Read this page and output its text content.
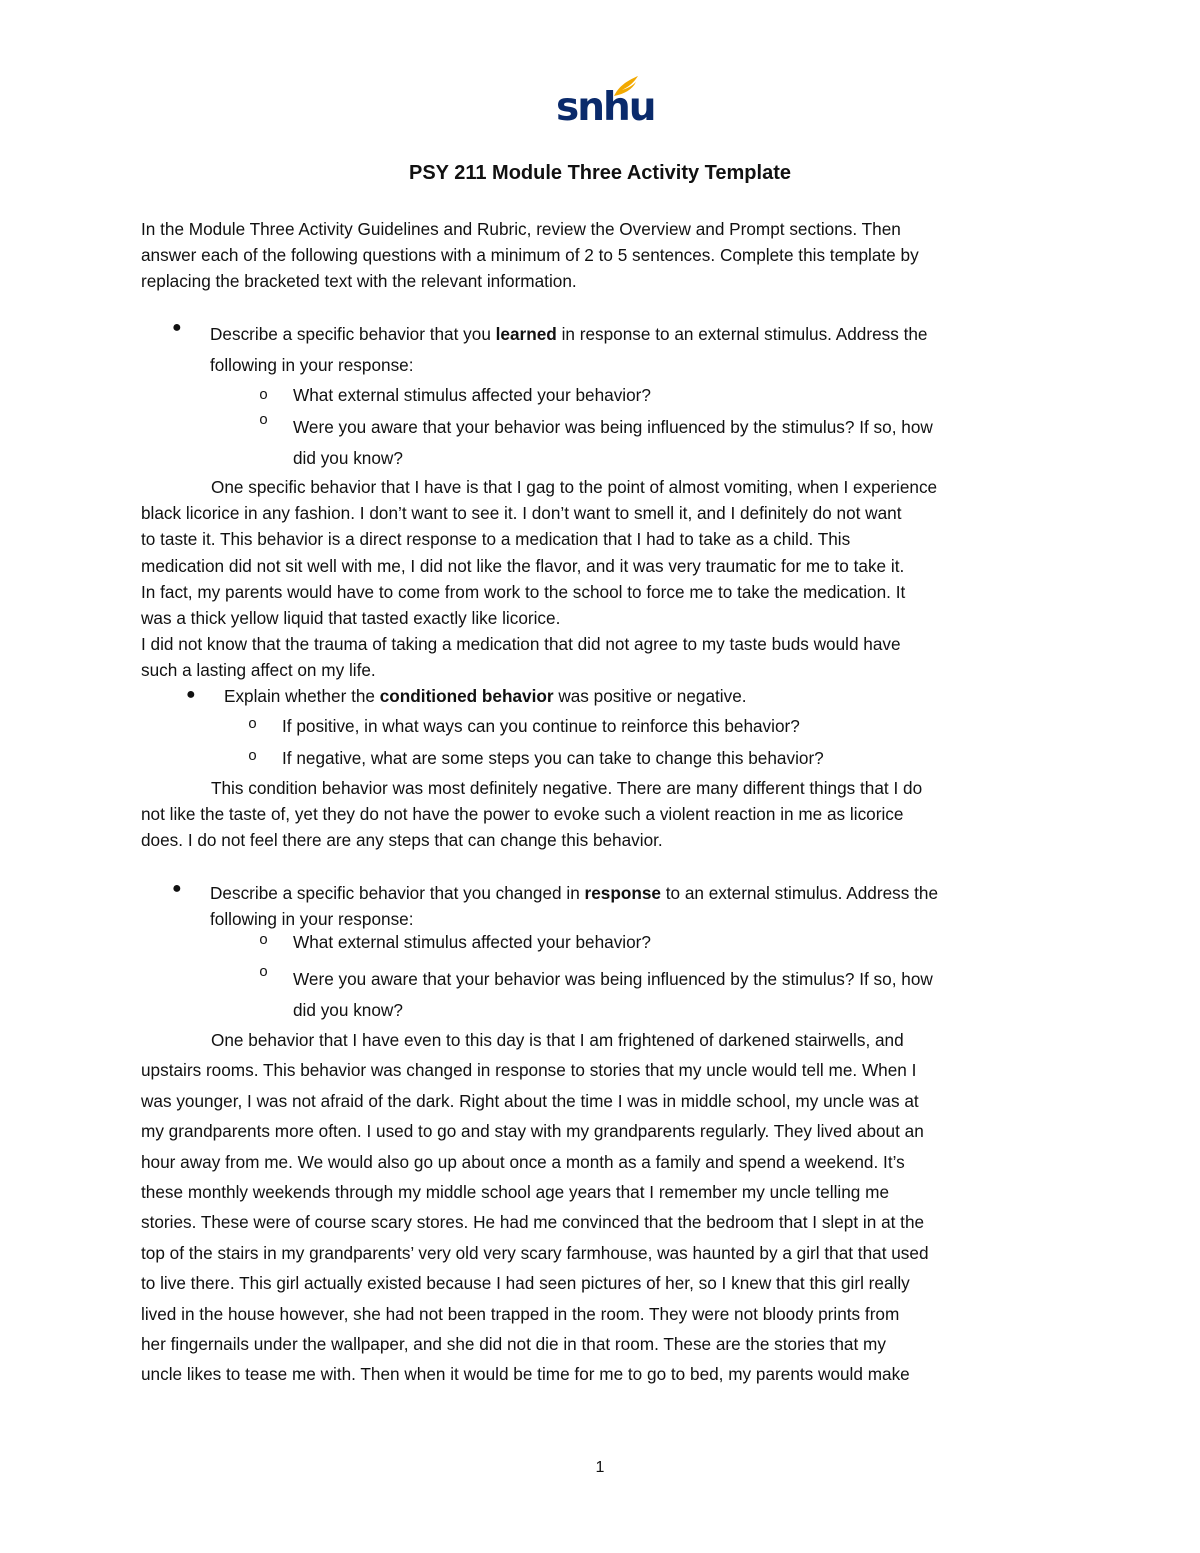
snhu
PSY 211 Module Three Activity Template
In the Module Three Activity Guidelines and Rubric, review the Overview and Prompt sections. Then
answer each of the following questions with a minimum of 2 to 5 sentences. Complete this template by
replacing the bracketed text with the relevant information.
● Describe a specific behavior that you learned in response to an external stimulus. Address the
following in your response:
o What external stimulus affected your behavior?
o Were you aware that your behavior was being influenced by the stimulus? If so, how
did you know?
One specific behavior that I have is that I gag to the point of almost vomiting, when I experience
black licorice in any fashion. I don’t want to see it. I don’t want to smell it, and I definitely do not want
to taste it. This behavior is a direct response to a medication that I had to take as a child. This
medication did not sit well with me, I did not like the flavor, and it was very traumatic for me to take it.
In fact, my parents would have to come from work to the school to force me to take the medication. It
was a thick yellow liquid that tasted exactly like licorice.
I did not know that the trauma of taking a medication that did not agree to my taste buds would have
such a lasting affect on my life.
● Explain whether the conditioned behavior was positive or negative.
o If positive, in what ways can you continue to reinforce this behavior?
o If negative, what are some steps you can take to change this behavior?
This condition behavior was most definitely negative. There are many different things that I do
not like the taste of, yet they do not have the power to evoke such a violent reaction in me as licorice
does. I do not feel there are any steps that can change this behavior.
● Describe a specific behavior that you changed in response to an external stimulus. Address the
following in your response:
o What external stimulus affected your behavior?
o Were you aware that your behavior was being influenced by the stimulus? If so, how
did you know?
One behavior that I have even to this day is that I am frightened of darkened stairwells, and
upstairs rooms. This behavior was changed in response to stories that my uncle would tell me. When I
was younger, I was not afraid of the dark. Right about the time I was in middle school, my uncle was at
my grandparents more often. I used to go and stay with my grandparents regularly. They lived about an
hour away from me. We would also go up about once a month as a family and spend a weekend. It’s
these monthly weekends through my middle school age years that I remember my uncle telling me
stories. These were of course scary stores. He had me convinced that the bedroom that I slept in at the
top of the stairs in my grandparents’ very old very scary farmhouse, was haunted by a girl that that used
to live there. This girl actually existed because I had seen pictures of her, so I knew that this girl really
lived in the house however, she had not been trapped in the room. They were not bloody prints from
her fingernails under the wallpaper, and she did not die in that room. These are the stories that my
uncle likes to tease me with. Then when it would be time for me to go to bed, my parents would make
1
